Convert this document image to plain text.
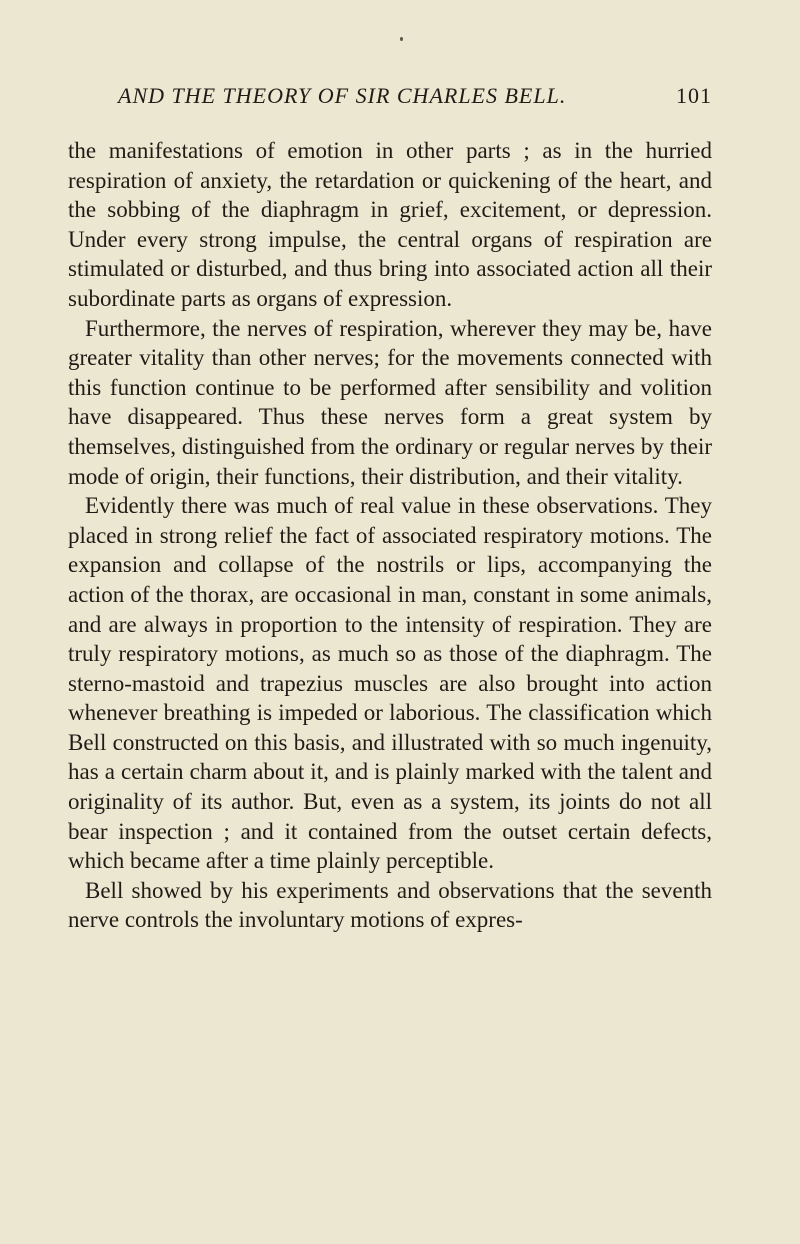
AND THE THEORY OF SIR CHARLES BELL.	101

the manifestations of emotion in other parts ; as in the hurried respiration of anxiety, the retardation or quickening of the heart, and the sobbing of the diaphragm in grief, excitement, or depression. Under every strong impulse, the central organs of respiration are stimulated or disturbed, and thus bring into associated action all their subordinate parts as organs of expression.

Furthermore, the nerves of respiration, wherever they may be, have greater vitality than other nerves; for the movements connected with this function continue to be performed after sensibility and volition have disappeared. Thus these nerves form a great system by themselves, distinguished from the ordinary or regular nerves by their mode of origin, their functions, their distribution, and their vitality.

Evidently there was much of real value in these observations. They placed in strong relief the fact of associated respiratory motions. The expansion and collapse of the nostrils or lips, accompanying the action of the thorax, are occasional in man, constant in some animals, and are always in proportion to the intensity of respiration. They are truly respiratory motions, as much so as those of the diaphragm. The sterno-mastoid and trapezius muscles are also brought into action whenever breathing is impeded or laborious. The classification which Bell constructed on this basis, and illustrated with so much ingenuity, has a certain charm about it, and is plainly marked with the talent and originality of its author. But, even as a system, its joints do not all bear inspection ; and it contained from the outset certain defects, which became after a time plainly perceptible.

Bell showed by his experiments and observations that the seventh nerve controls the involuntary motions of expres-
